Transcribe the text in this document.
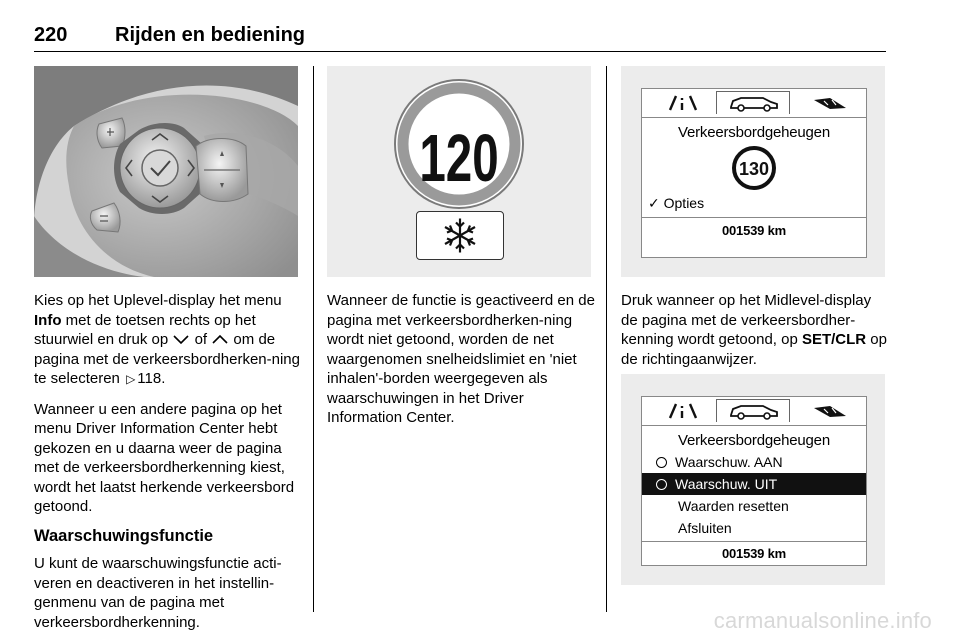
220 Rijden en bediening

Kies op het Uplevel-display het menu Info met de toetsen rechts op het stuurwiel en druk op  of  om de pagina met de verkeersbordherken-ning te selecteren ▷ 118.

Wanneer u een andere pagina op het menu Driver Information Center hebt gekozen en u daarna weer de pagina met de verkeersbordherkenning kiest, wordt het laatst herkende verkeersbord getoond.

Waarschuwingsfunctie

U kunt de waarschuwingsfunctie acti-veren en deactiveren in het instellin-genmenu van de pagina met verkeersbordherkenning.

120

Wanneer de functie is geactiveerd en de pagina met verkeersbordherken-ning wordt niet getoond, worden de net waargenomen snelheidslimiet en 'niet inhalen'-borden weergegeven als waarschuwingen in het Driver Information Center.

Verkeersbordgeheugen
130
✓ Opties
001539 km

Druk wanneer op het Midlevel-display de pagina met de verkeersbordher-kenning wordt getoond, op SET/CLR op de richtingaanwijzer.

Verkeersbordgeheugen
Waarschuw. AAN
Waarschuw. UIT
Waarden resetten
Afsluiten
001539 km
carmanualsonline.info
